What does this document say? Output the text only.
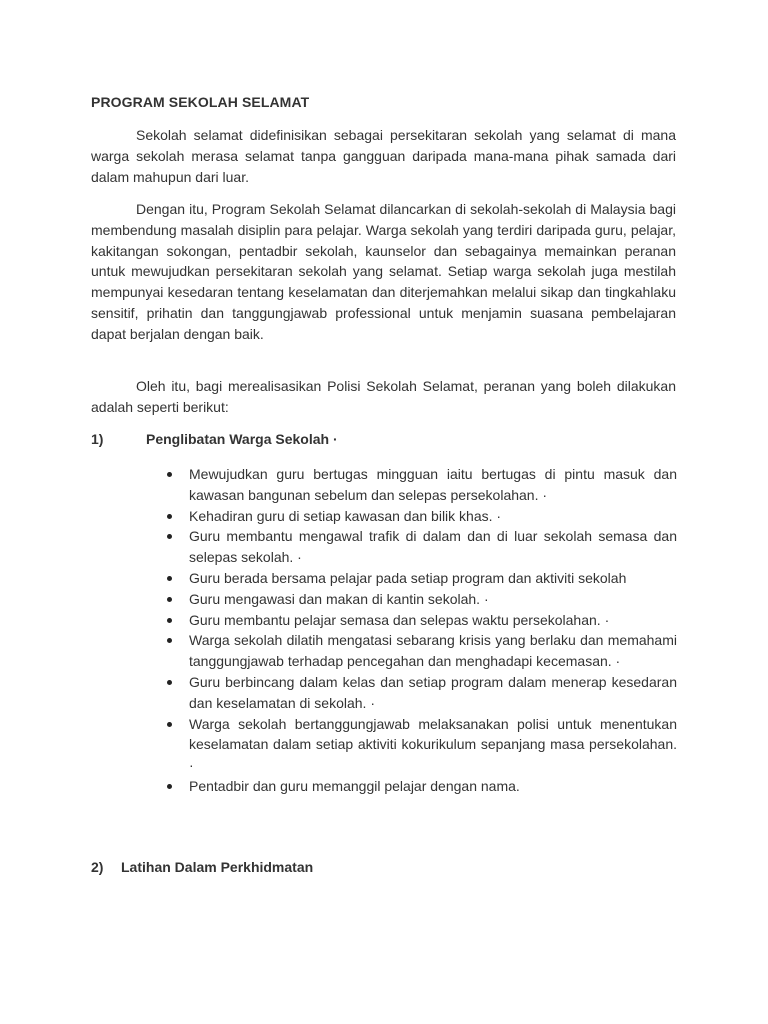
PROGRAM SEKOLAH SELAMAT

Sekolah selamat didefinisikan sebagai persekitaran sekolah yang selamat di mana warga sekolah merasa selamat tanpa gangguan daripada mana-mana pihak samada dari dalam mahupun dari luar.

Dengan itu, Program Sekolah Selamat dilancarkan di sekolah-sekolah di Malaysia bagi membendung masalah disiplin para pelajar. Warga sekolah yang terdiri daripada guru, pelajar, kakitangan sokongan, pentadbir sekolah, kaunselor dan sebagainya memainkan peranan untuk mewujudkan persekitaran sekolah yang selamat. Setiap warga sekolah juga mestilah mempunyai kesedaran tentang keselamatan dan diterjemahkan melalui sikap dan tingkahlaku sensitif, prihatin dan tanggungjawab professional untuk menjamin suasana pembelajaran dapat berjalan dengan baik.

Oleh itu, bagi merealisasikan Polisi Sekolah Selamat, peranan yang boleh dilakukan adalah seperti berikut:

1)	Penglibatan Warga Sekolah ·
Mewujudkan guru bertugas mingguan iaitu bertugas di pintu masuk dan kawasan bangunan sebelum dan selepas persekolahan. ·
Kehadiran guru di setiap kawasan dan bilik khas. ·
Guru membantu mengawal trafik di dalam dan di luar sekolah semasa dan selepas sekolah. ·
Guru berada bersama pelajar pada setiap program dan aktiviti sekolah
Guru mengawasi dan makan di kantin sekolah. ·
Guru membantu pelajar semasa dan selepas waktu persekolahan. ·
Warga sekolah dilatih mengatasi sebarang krisis yang berlaku dan memahami tanggungjawab terhadap pencegahan dan menghadapi kecemasan. ·
Guru berbincang dalam kelas dan setiap program dalam menerap kesedaran dan keselamatan di sekolah. ·
Warga sekolah bertanggungjawab melaksanakan polisi untuk menentukan keselamatan dalam setiap aktiviti kokurikulum sepanjang masa persekolahan. ·
Pentadbir dan guru memanggil pelajar dengan nama.
2)	Latihan Dalam Perkhidmatan
